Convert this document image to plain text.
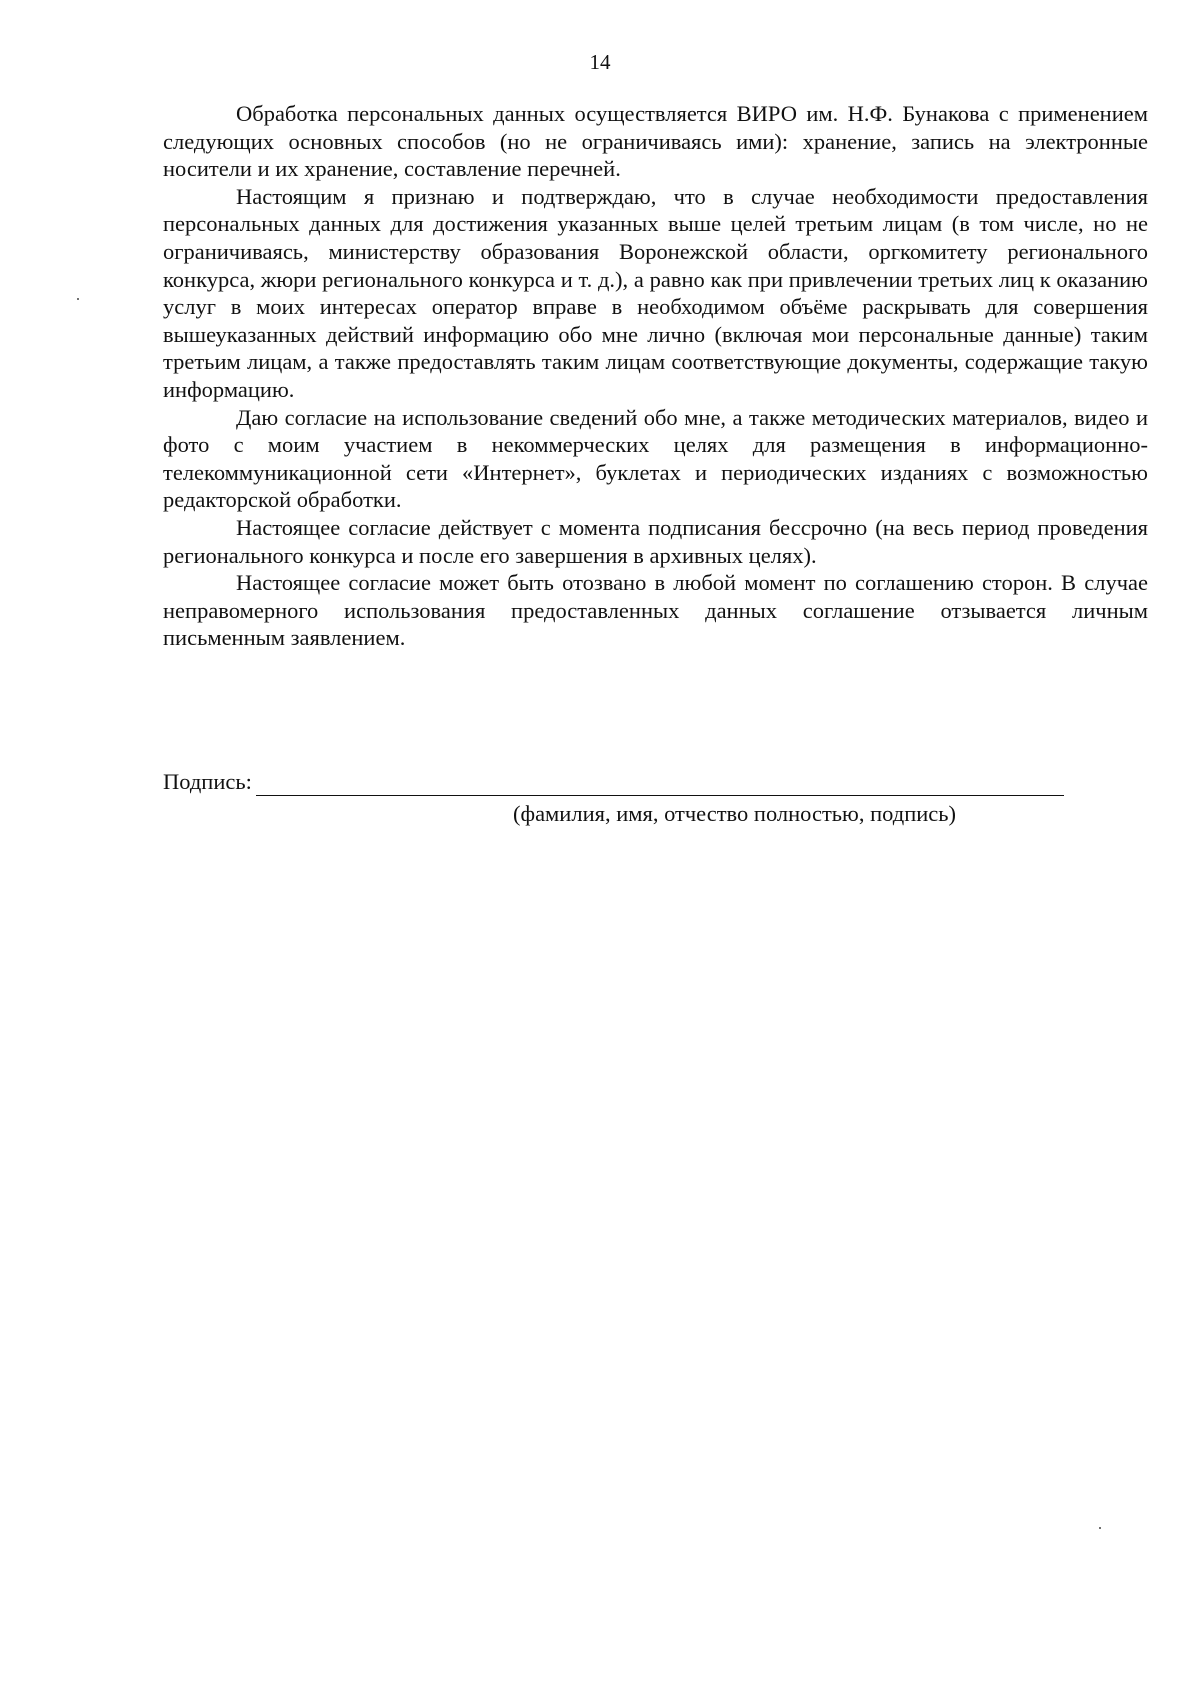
14

Обработка персональных данных осуществляется ВИРО им. Н.Ф. Бунакова с применением следующих основных способов (но не ограничиваясь ими): хранение, запись на электронные носители и их хранение, составление перечней.

Настоящим я признаю и подтверждаю, что в случае необходимости предоставления персональных данных для достижения указанных выше целей третьим лицам (в том числе, но не ограничиваясь, министерству образования Воронежской области, оргкомитету регионального конкурса, жюри регионального конкурса и т. д.), а равно как при привлечении третьих лиц к оказанию услуг в моих интересах оператор вправе в необходимом объёме раскрывать для совершения вышеуказанных действий информацию обо мне лично (включая мои персональные данные) таким третьим лицам, а также предоставлять таким лицам соответствующие документы, содержащие такую информацию.

Даю согласие на использование сведений обо мне, а также методических материалов, видео и фото с моим участием в некоммерческих целях для размещения в информационно-телекоммуникационной сети «Интернет», буклетах и периодических изданиях с возможностью редакторской обработки.

Настоящее согласие действует с момента подписания бессрочно (на весь период проведения регионального конкурса и после его завершения в архивных целях).

Настоящее согласие может быть отозвано в любой момент по соглашению сторон. В случае неправомерного использования предоставленных данных соглашение отзывается личным письменным заявлением.

Подпись:
(фамилия, имя, отчество полностью, подпись)
